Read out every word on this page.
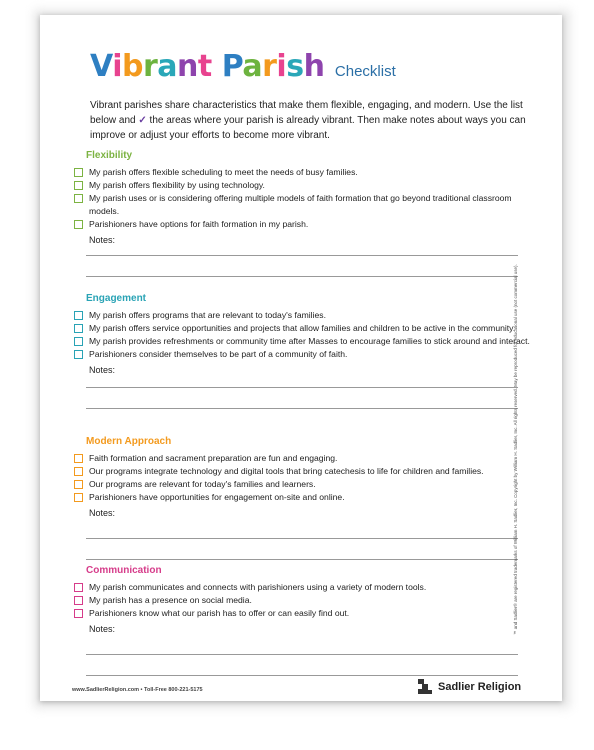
Vibrant Parish Checklist
Vibrant parishes share characteristics that make them flexible, engaging, and modern. Use the list below and ✓ the areas where your parish is already vibrant. Then make notes about ways you can improve or adjust your efforts to become more vibrant.
Flexibility
My parish offers flexible scheduling to meet the needs of busy families.
My parish offers flexibility by using technology.
My parish uses or is considering offering multiple models of faith formation that go beyond traditional classroom models.
Parishioners have options for faith formation in my parish.
Notes:
Engagement
My parish offers programs that are relevant to today's families.
My parish offers service opportunities and projects that allow families and children to be active in the community.
My parish provides refreshments or community time after Masses to encourage families to stick around and interact.
Parishioners consider themselves to be part of a community of faith.
Notes:
Modern Approach
Faith formation and sacrament preparation are fun and engaging.
Our programs integrate technology and digital tools that bring catechesis to life for children and families.
Our programs are relevant for today's families and learners.
Parishioners have opportunities for engagement on-site and online.
Notes:
Communication
My parish communicates and connects with parishioners using a variety of modern tools.
My parish has a presence on social media.
Parishioners know what our parish has to offer or can easily find out.
Notes:	™ and Sadlier® are registered trademarks of William H. Sadlier, Inc. Copyright by William H. Sadlier, Inc. All rights reserved. May be reproduced for educational use (not commercial use).
www.SadlierReligion.com • Toll-Free 800-221-5175	Sadlier Religion
